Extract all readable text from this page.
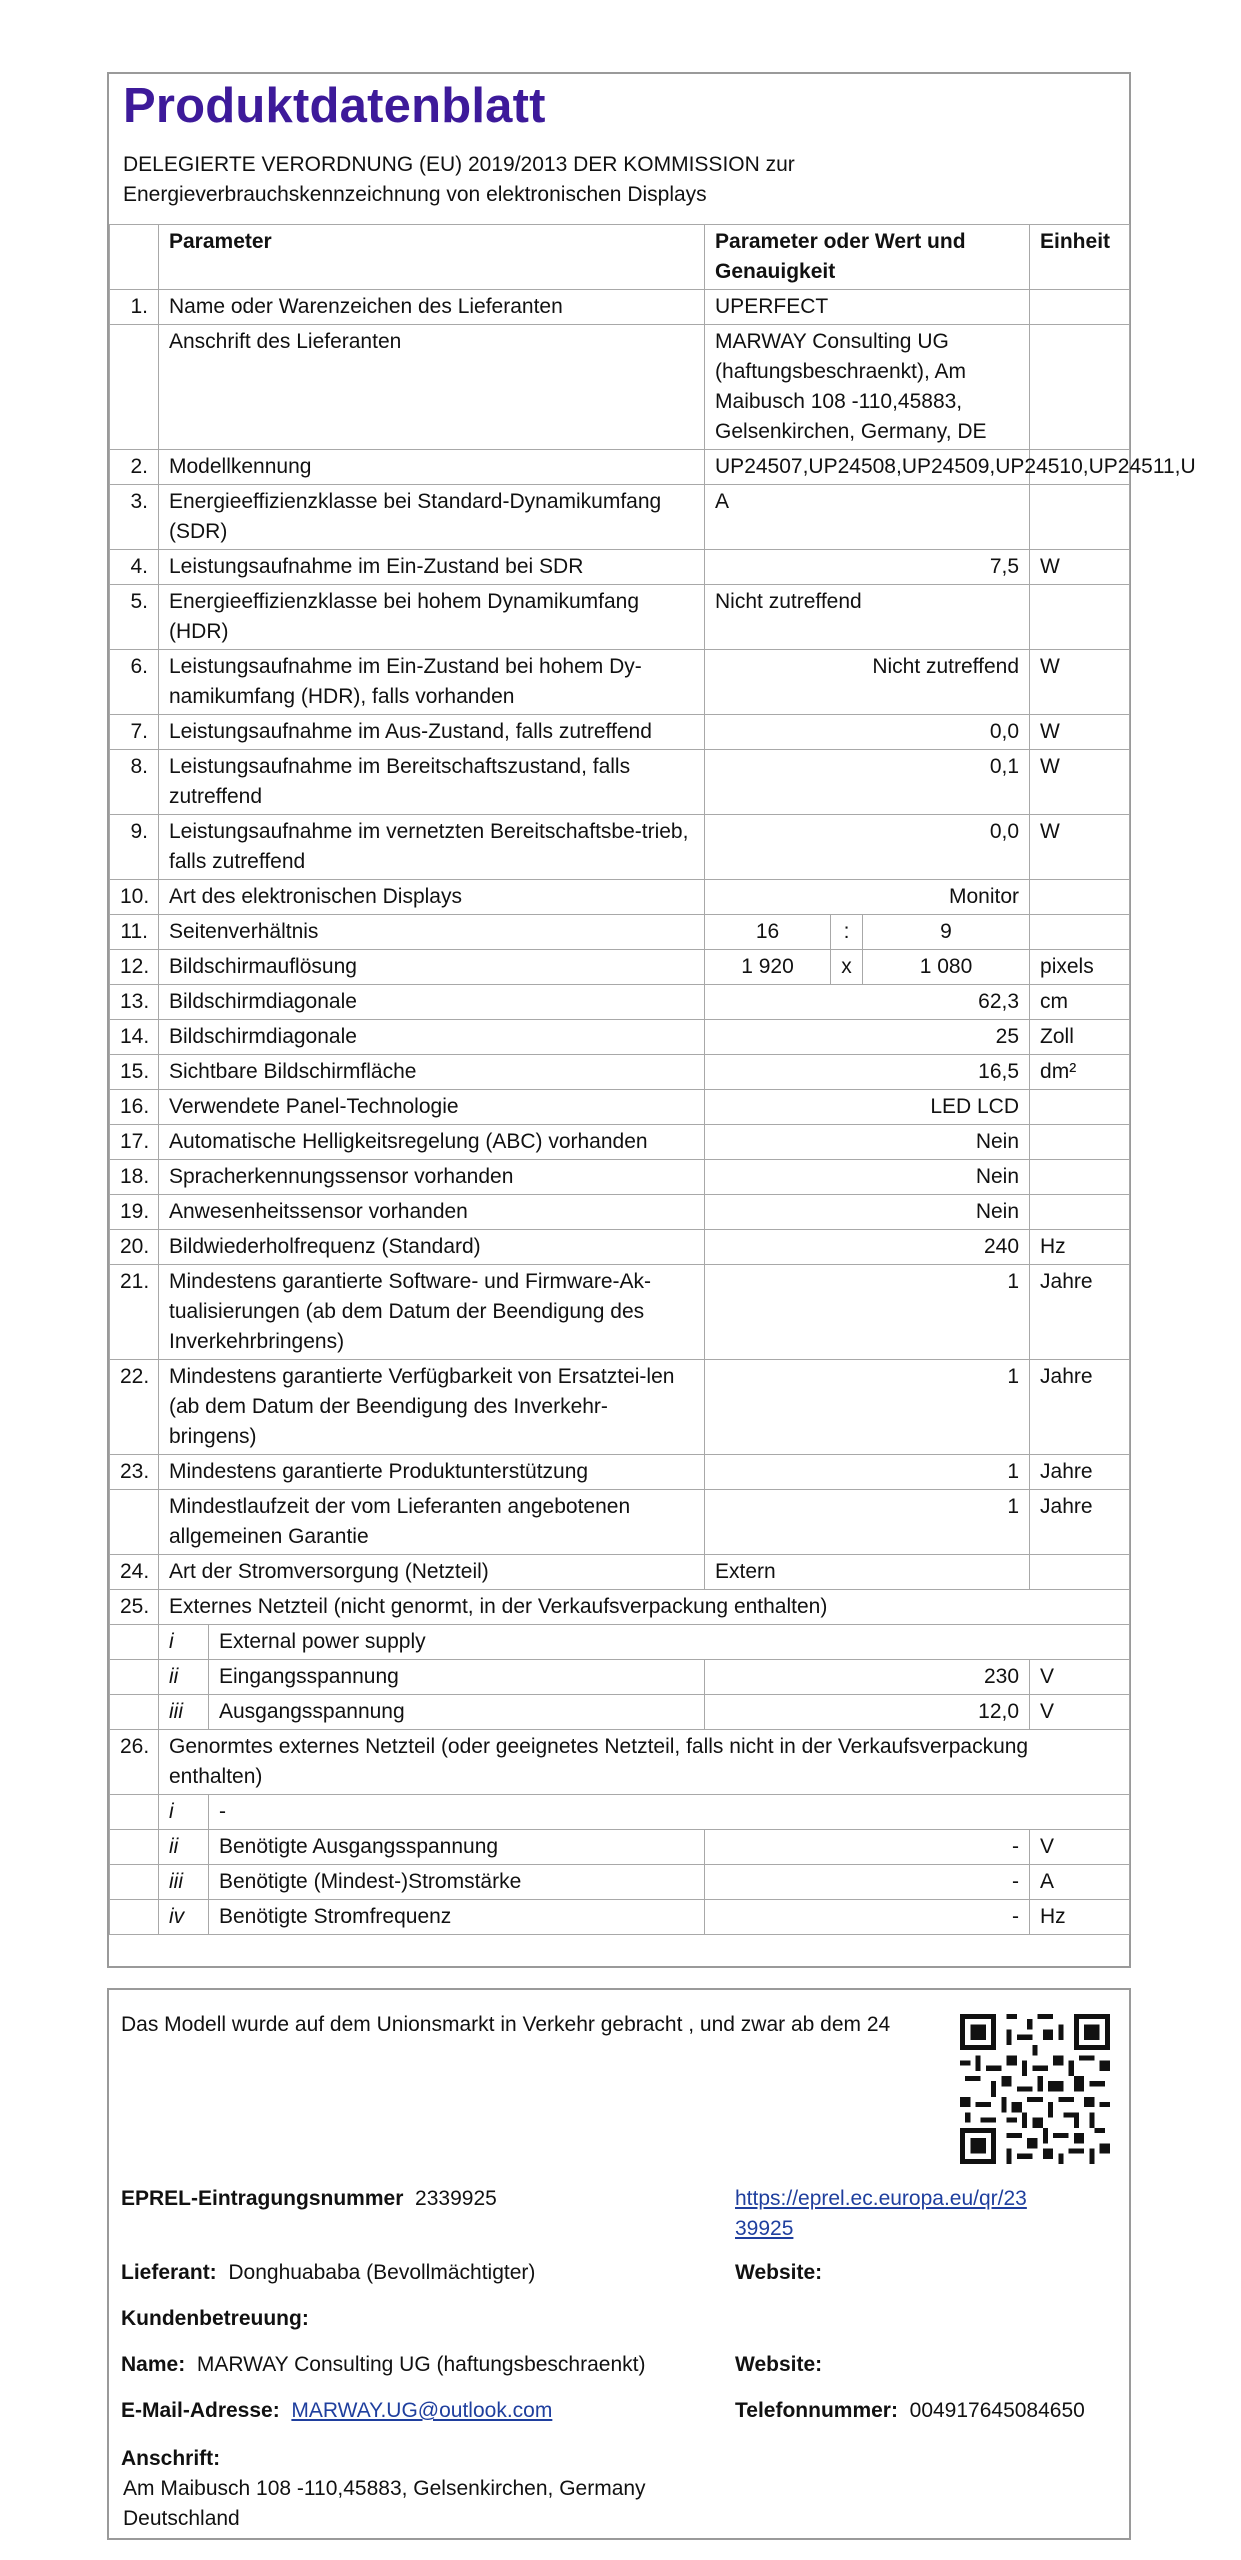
Produktdatenblatt
DELEGIERTE VERORDNUNG (EU) 2019/2013 DER KOMMISSION zur Energieverbrauchskennzeichnung von elektronischen Displays
	Parameter		Parameter oder Wert und Genauigkeit			Einheit
1.	Name oder Warenzeichen des Lieferanten		UPERFECT			
	Anschrift des Lieferanten		MARWAY Consulting UG (haftungsbeschraenkt), Am Maibusch 108 -110,45883, Gelsenkirchen, Germany, DE			
2.	Modellkennung		UP24507,UP24508,UP24509,UP24510,UP24511,U			
3.	Energieeffizienzklasse bei Standard-Dynamikumfang (SDR)		A			
4.	Leistungsaufnahme im Ein-Zustand bei SDR		7,5			W
5.	Energieeffizienzklasse bei hohem Dynamikumfang (HDR)		Nicht zutreffend			
6.	Leistungsaufnahme im Ein-Zustand bei hohem Dy-namikumfang (HDR), falls vorhanden		Nicht zutreffend			W
7.	Leistungsaufnahme im Aus-Zustand, falls zutreffend		0,0			W
8.	Leistungsaufnahme im Bereitschaftszustand, falls zutreffend		0,1			W
9.	Leistungsaufnahme im vernetzten Bereitschaftsbe-trieb, falls zutreffend		0,0			W
10.	Art des elektronischen Displays		Monitor			
11.	Seitenverhältnis		16	:	9	
12.	Bildschirmauflösung		1 920	x	1 080	pixels
13.	Bildschirmdiagonale		62,3			cm
14.	Bildschirmdiagonale		25			Zoll
15.	Sichtbare Bildschirmfläche		16,5			dm²
16.	Verwendete Panel-Technologie		LED LCD			
17.	Automatische Helligkeitsregelung (ABC) vorhanden		Nein			
18.	Spracherkennungssensor vorhanden		Nein			
19.	Anwesenheitssensor vorhanden		Nein			
20.	Bildwiederholfrequenz (Standard)		240			Hz
21.	Mindestens garantierte Software- und Firmware-Ak-tualisierungen (ab dem Datum der Beendigung des Inverkehrbringens)		1			Jahre
22.	Mindestens garantierte Verfügbarkeit von Ersatztei-len (ab dem Datum der Beendigung des Inverkehr-bringens)		1			Jahre
23.	Mindestens garantierte Produktunterstützung		1			Jahre
	Mindestlaufzeit der vom Lieferanten angebotenen allgemeinen Garantie		1			Jahre
24.	Art der Stromversorgung (Netzteil)		Extern			
25.	Externes Netzteil (nicht genormt, in der Verkaufsverpackung enthalten)					
	i	External power supply				
	ii	Eingangsspannung	230			V
	iii	Ausgangsspannung	12,0			V
26.	Genormtes externes Netzteil (oder geeignetes Netzteil, falls nicht in der Verkaufsverpackung enthalten)					
	i	-				
	ii	Benötigte Ausgangsspannung	-			V
	iii	Benötigte (Mindest-)Stromstärke	-			A
	iv	Benötigte Stromfrequenz	-			Hz
Das Modell wurde auf dem Unionsmarkt in Verkehr gebracht , und zwar ab dem 24
EPREL-Eintragungsnummer 2339925	https://eprel.ec.europa.eu/qr/23
39925
Lieferant: Donghuababa (Bevollmächtigter)	Website:
Kundenbetreuung:
Name: MARWAY Consulting UG (haftungsbeschraenkt)	Website:
E-Mail-Adresse: MARWAY.UG@outlook.com	Telefonnummer: 004917645084650
Anschrift:
Am Maibusch 108 -110,45883, Gelsenkirchen, Germany
Deutschland
